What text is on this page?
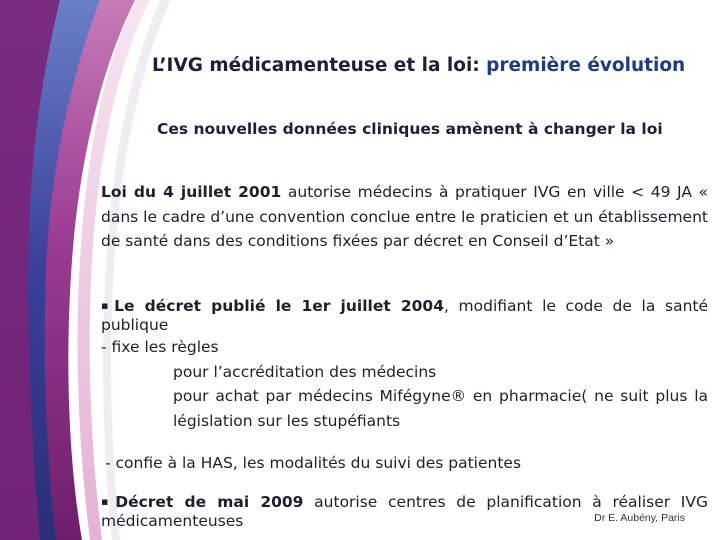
L’IVG médicamenteuse et la loi: première évolution
Ces nouvelles données cliniques amènent à changer la loi
Loi du 4 juillet 2001 autorise médecins à pratiquer IVG en ville < 49 JA « dans le cadre d’une convention conclue entre le praticien et un établissement de santé dans des conditions fixées par décret en Conseil d’Etat »
▪Le décret publié le 1er juillet 2004, modifiant le code de la santé publique
- fixe les règles
pour l’accréditation des médecins
pour achat par médecins Mifégyne® en pharmacie( ne suit plus la législation sur les stupéfiants
- confie à la HAS, les modalités du suivi des patientes
▪Décret de mai 2009 autorise centres de planification à réaliser IVG médicamenteuses	Dr E. Aubény, Paris
